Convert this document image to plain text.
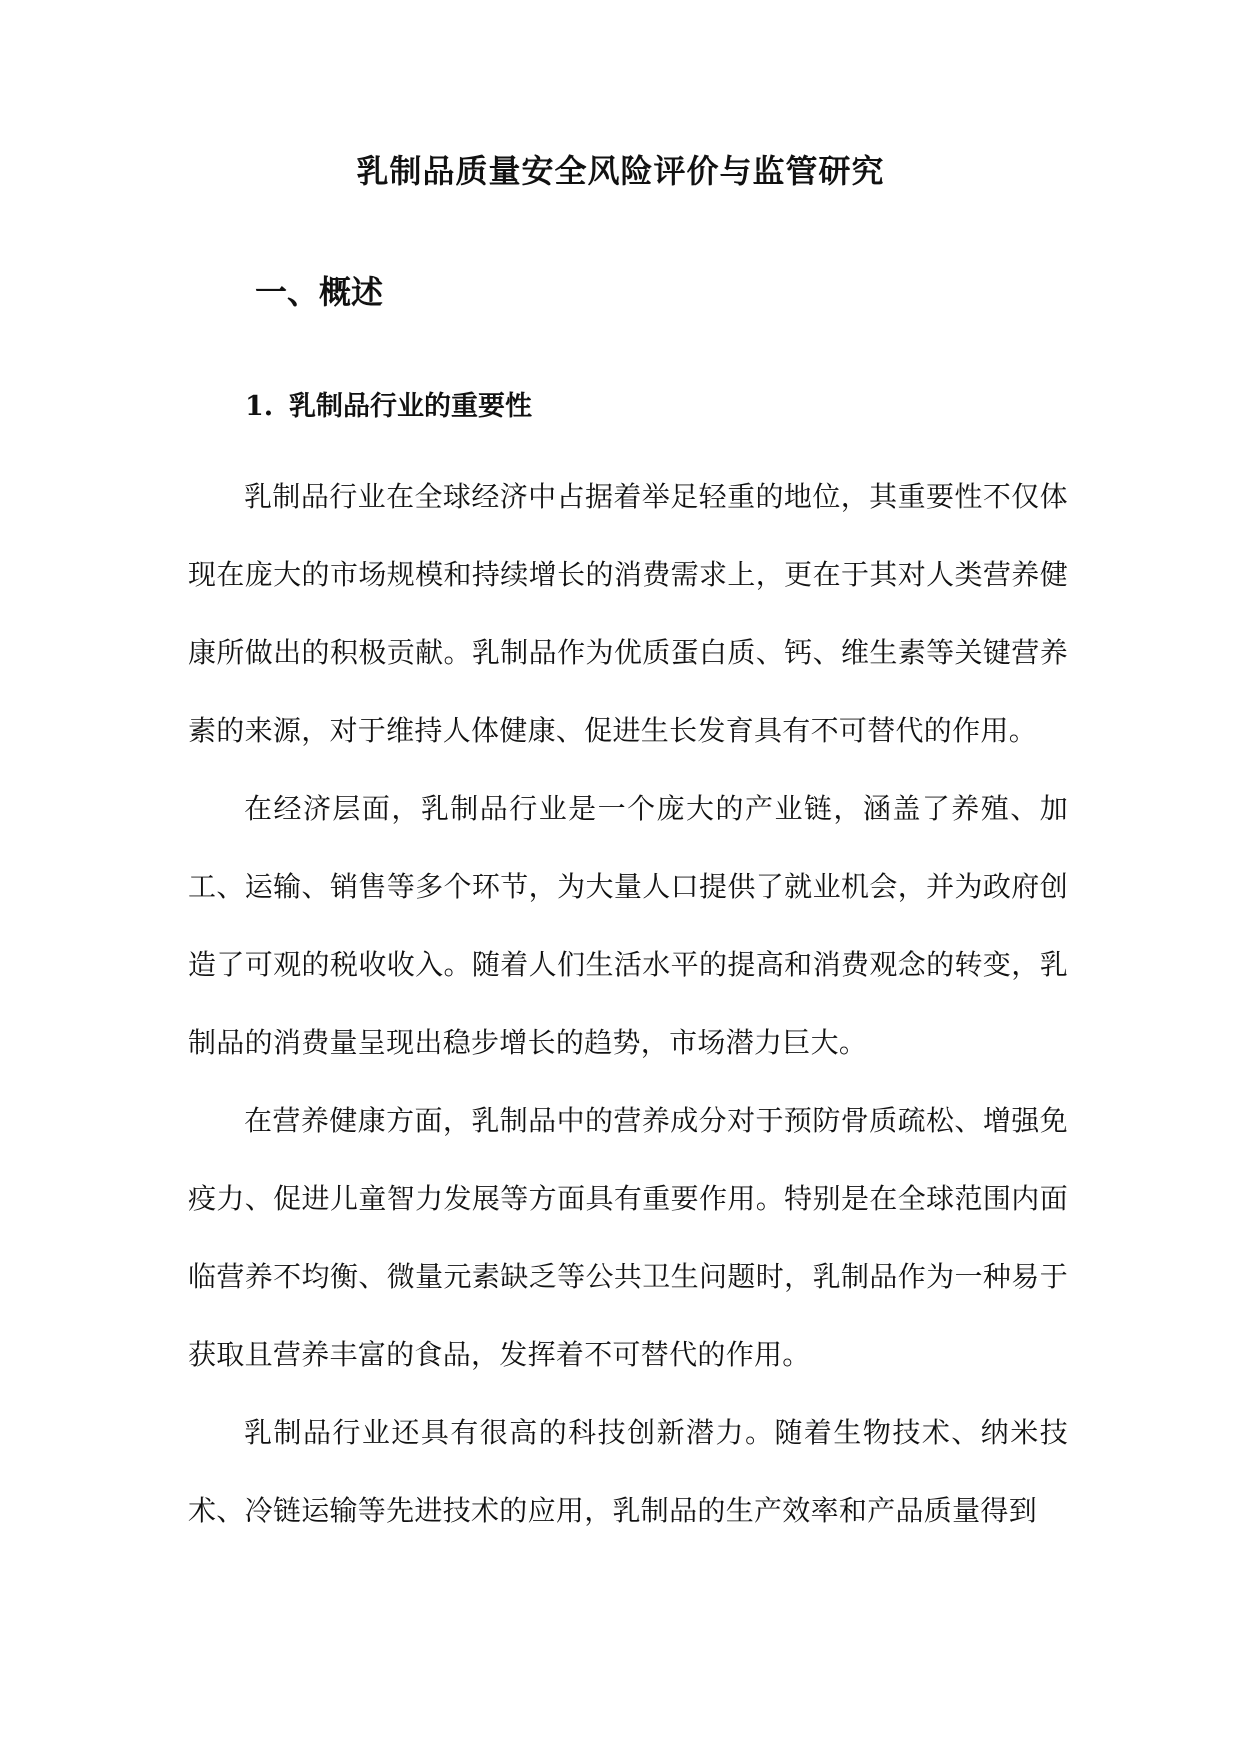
乳制品质量安全风险评价与监管研究
一、概述
1. 乳制品行业的重要性

乳制品行业在全球经济中占据着举足轻重的地位，其重要性不仅体现在庞大的市场规模和持续增长的消费需求上，更在于其对人类营养健康所做出的积极贡献。乳制品作为优质蛋白质、钙、维生素等关键营养素的来源，对于维持人体健康、促进生长发育具有不可替代的作用。

在经济层面，乳制品行业是一个庞大的产业链，涵盖了养殖、加工、运输、销售等多个环节，为大量人口提供了就业机会，并为政府创造了可观的税收收入。随着人们生活水平的提高和消费观念的转变，乳制品的消费量呈现出稳步增长的趋势，市场潜力巨大。

在营养健康方面，乳制品中的营养成分对于预防骨质疏松、增强免疫力、促进儿童智力发展等方面具有重要作用。特别是在全球范围内面临营养不均衡、微量元素缺乏等公共卫生问题时，乳制品作为一种易于获取且营养丰富的食品，发挥着不可替代的作用。

乳制品行业还具有很高的科技创新潜力。随着生物技术、纳米技术、冷链运输等先进技术的应用，乳制品的生产效率和产品质量得到
